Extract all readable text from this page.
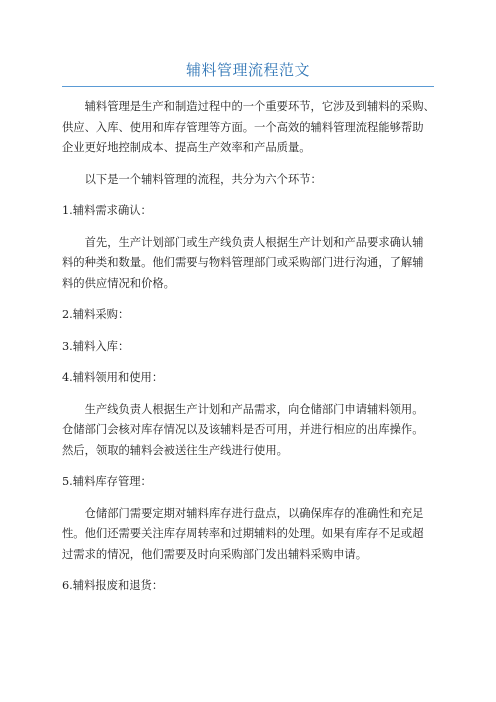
辅料管理流程范文
辅料管理是生产和制造过程中的一个重要环节，它涉及到辅料的采购、
供应、入库、使用和库存管理等方面。一个高效的辅料管理流程能够帮助
企业更好地控制成本、提高生产效率和产品质量。

以下是一个辅料管理的流程，共分为六个环节：

1.辅料需求确认：

首先，生产计划部门或生产线负责人根据生产计划和产品要求确认辅
料的种类和数量。他们需要与物料管理部门或采购部门进行沟通，了解辅
料的供应情况和价格。

2.辅料采购：

3.辅料入库：

4.辅料领用和使用：

生产线负责人根据生产计划和产品需求，向仓储部门申请辅料领用。
仓储部门会核对库存情况以及该辅料是否可用，并进行相应的出库操作。
然后，领取的辅料会被送往生产线进行使用。

5.辅料库存管理：

仓储部门需要定期对辅料库存进行盘点，以确保库存的准确性和充足
性。他们还需要关注库存周转率和过期辅料的处理。如果有库存不足或超
过需求的情况，他们需要及时向采购部门发出辅料采购申请。

6.辅料报废和退货：
